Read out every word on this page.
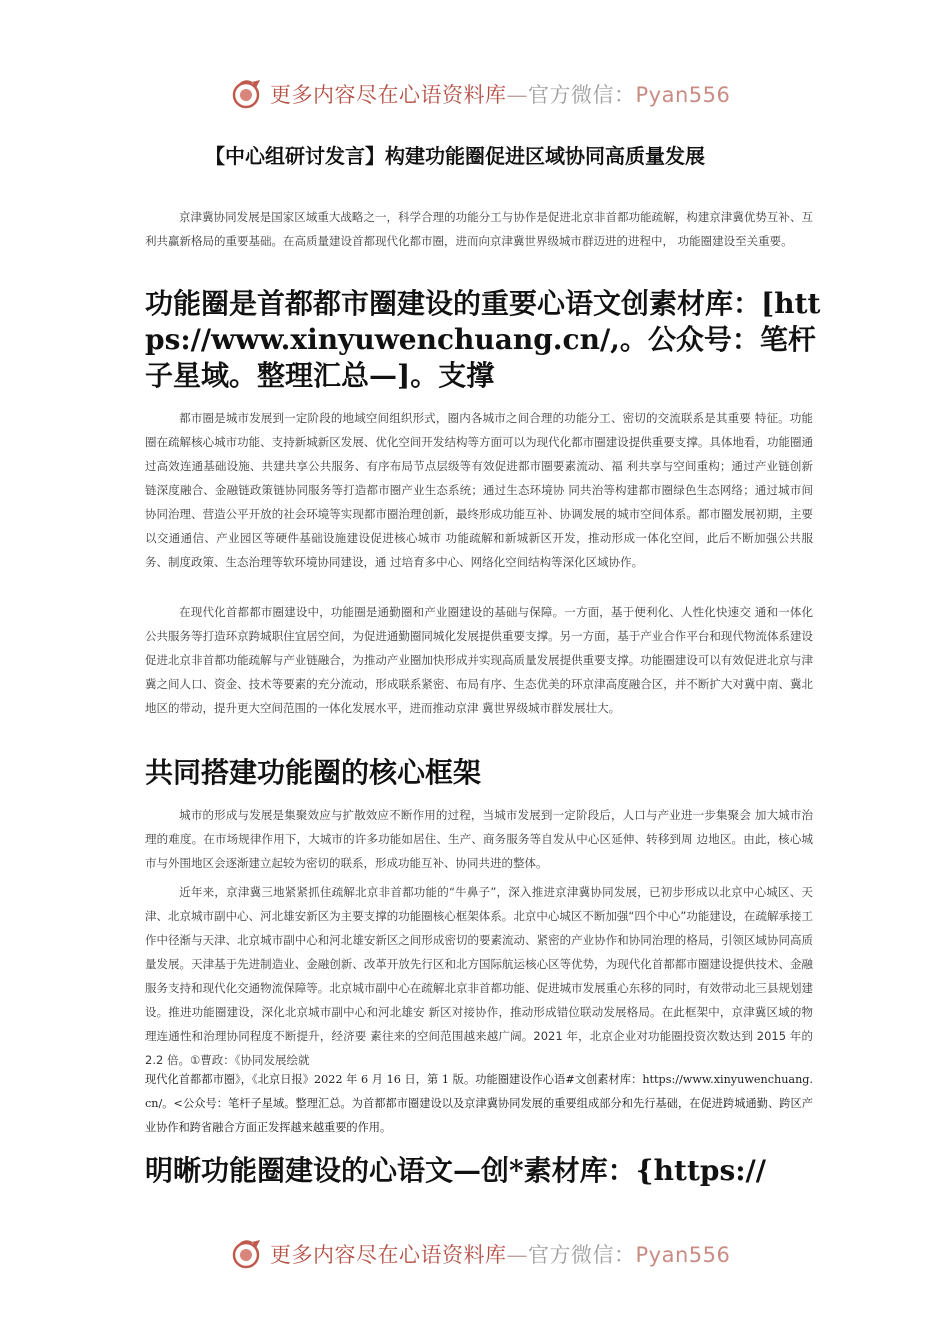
更多内容尽在心语资料库—官方微信：Pyan556
【中心组研讨发言】构建功能圈促进区域协同高质量发展
京津冀协同发展是国家区域重大战略之一，科学合理的功能分工与协作是促进北京非首都功能疏解，构建京津冀优势互补、互利共赢新格局的重要基础。在高质量建设首都现代化都市圈，进而向京津冀世界级城市群迈进的进程中， 功能圈建设至关重要。
功能圈是首都都市圈建设的重要心语文创素材库：[https://www.xinyuwenchuang.cn/,。公众号：笔杆子星域。整理汇总—]。支撑
都市圈是城市发展到一定阶段的地域空间组织形式，圈内各城市之间合理的功能分工、密切的交流联系是其重要 特征。功能圈在疏解核心城市功能、支持新城新区发展、优化空间开发结构等方面可以为现代化都市圈建设提供重要支撑。具体地看，功能圈通过高效连通基础设施、共建共享公共服务、有序布局节点层级等有效促进都市圈要素流动、福 利共享与空间重构；通过产业链创新链深度融合、金融链政策链协同服务等打造都市圈产业生态系统；通过生态环境协 同共治等构建都市圈绿色生态网络；通过城市间协同治理、营造公平开放的社会环境等实现都市圈治理创新，最终形成功能互补、协调发展的城市空间体系。都市圈发展初期，主要以交通通信、产业园区等硬件基础设施建设促进核心城市 功能疏解和新城新区开发，推动形成一体化空间，此后不断加强公共服务、制度政策、生态治理等软环境协同建设，通 过培育多中心、网络化空间结构等深化区域协作。
在现代化首都都市圈建设中，功能圈是通勤圈和产业圈建设的基础与保障。一方面，基于便利化、人性化快速交 通和一体化公共服务等打造环京跨城职住宜居空间，为促进通勤圈同城化发展提供重要支撑。另一方面，基于产业合作平台和现代物流体系建设促进北京非首都功能疏解与产业链融合，为推动产业圈加快形成并实现高质量发展提供重要支撑。功能圈建设可以有效促进北京与津冀之间人口、资金、技术等要素的充分流动，形成联系紧密、布局有序、生态优美的环京津高度融合区，并不断扩大对冀中南、冀北地区的带动，提升更大空间范围的一体化发展水平，进而推动京津 冀世界级城市群发展壮大。
共同搭建功能圈的核心框架
城市的形成与发展是集聚效应与扩散效应不断作用的过程，当城市发展到一定阶段后，人口与产业进一步集聚会 加大城市治理的难度。在市场规律作用下，大城市的许多功能如居住、生产、商务服务等自发从中心区延伸、转移到周 边地区。由此，核心城市与外围地区会逐渐建立起较为密切的联系，形成功能互补、协同共进的整体。
近年来，京津冀三地紧紧抓住疏解北京非首都功能的“牛鼻子”，深入推进京津冀协同发展，已初步形成以北京中心城区、天津、北京城市副中心、河北雄安新区为主要支撑的功能圈核心框架体系。北京中心城区不断加强“四个中心”功能建设，在疏解承接工作中径渐与天津、北京城市副中心和河北雄安新区之间形成密切的要素流动、紧密的产业协作和协同治理的格局，引领区域协同高质量发展。天津基于先进制造业、金融创新、改革开放先行区和北方国际航运核心区等优势，为现代化首都都市圈建设提供技术、金融服务支持和现代化交通物流保障等。北京城市副中心在疏解北京非首都功能、促进城市发展重心东移的同时，有效带动北三县规划建设。推进功能圈建设，深化北京城市副中心和河北雄安 新区对接协作，推动形成错位联动发展格局。在此框架中，京津冀区域的物理连通性和治理协同程度不断提升，经济要 素往来的空间范围越来越广阔。2021 年，北京企业对功能圈投资次数达到 2015 年的 2.2 倍。①曹政：《协同发展绘就
现代化首都都市圈》，《北京日报》2022 年 6 月 16 日，第 1 版。功能圈建设作心语#文创素材库：https://www.xinyuwenchuang.cn/。<公众号：笔杆子星域。整理汇总。为首都都市圈建设以及京津冀协同发展的重要组成部分和先行基础，在促进跨城通勤、跨区产业协作和跨省融合方面正发挥越来越重要的作用。
明晰功能圈建设的心语文—创*素材库：{https://
更多内容尽在心语资料库—官方微信：Pyan556
